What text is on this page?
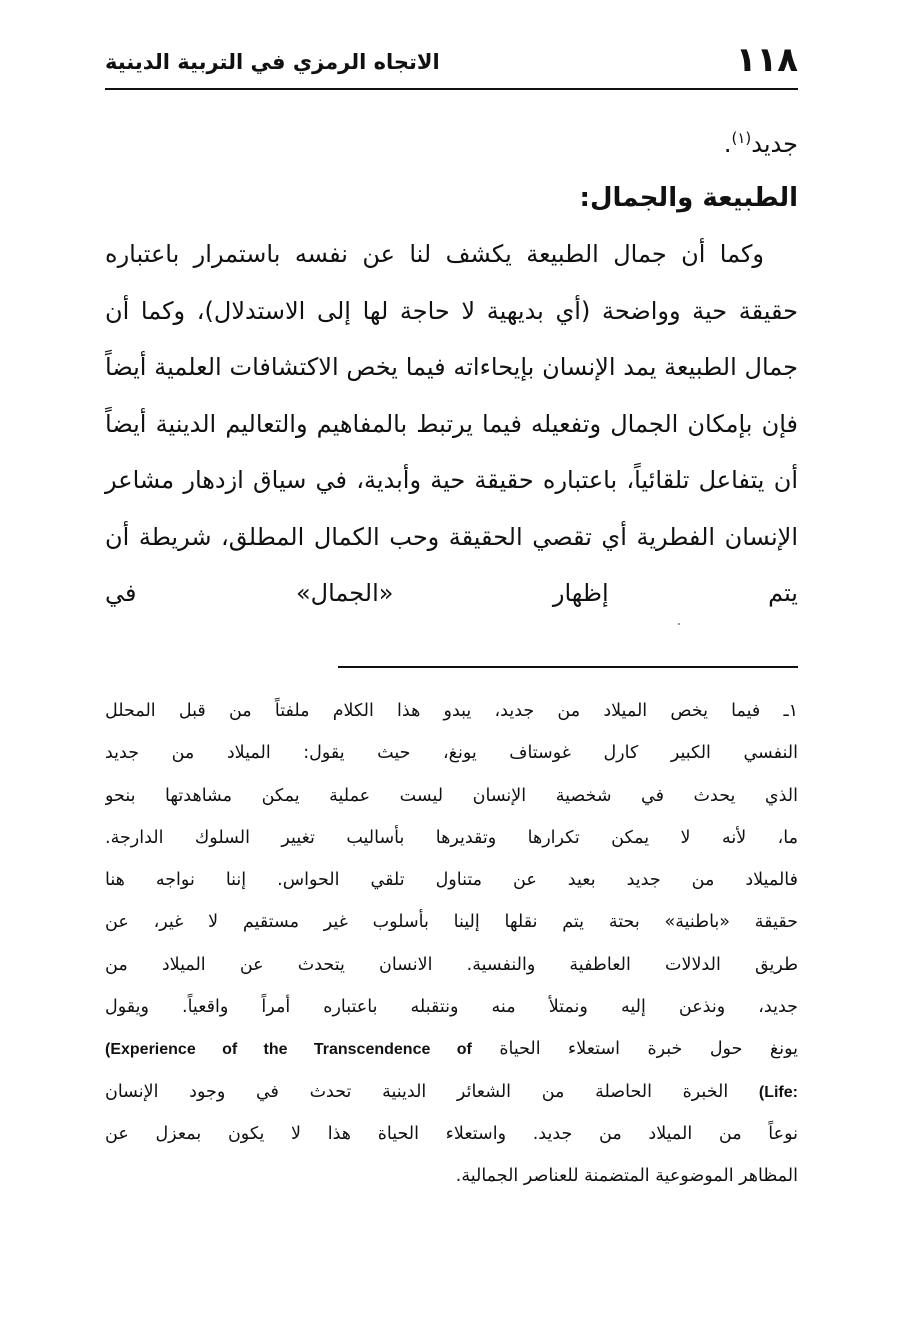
١١٨
الاتجاه الرمزي في التربية الدينية

جديد$^{(١)}$.

الطبيعة والجمال:

وكما أن جمال الطبيعة يكشف لنا عن نفسه باستمرار باعتباره حقيقة حية وواضحة (أي بديهية لا حاجة لها إلى الاستدلال)، وكما أن جمال الطبيعة يمد الإنسان بإيحاءاته فيما يخص الاكتشافات العلمية أيضاً فإن بإمكان الجمال وتفعيله فيما يرتبط بالمفاهيم والتعاليم الدينية أيضاً أن يتفاعل تلقائياً، باعتباره حقيقة حية وأبدية، في سياق ازدهار مشاعر الإنسان الفطرية أي تقصي الحقيقة وحب الكمال المطلق، شريطة أن يتم إظهار «الجمال» في

١ـ فيما يخص الميلاد من جديد، يبدو هذا الكلام ملفتاً من قبل المحلل
النفسي الكبير كارل غوستاف يونغ، حيث يقول: الميلاد من جديد
الذي يحدث في شخصية الإنسان ليست عملية يمكن مشاهدتها بنحو
ما، لأنه لا يمكن تكرارها وتقديرها بأساليب تغيير السلوك الدارجة.
فالميلاد من جديد بعيد عن متناول تلقي الحواس. إننا نواجه هنا
حقيقة «باطنية» بحتة يتم نقلها إلينا بأسلوب غير مستقيم لا غير، عن
طريق الدلالات العاطفية والنفسية. الانسان يتحدث عن الميلاد من
جديد، ونذعن إليه ونمتلأ منه ونتقبله باعتباره أمراً واقعياً. ويقول
يونغ حول خبرة استعلاء الحياة (Experience of the Transcendence of
(Life: الخبرة الحاصلة من الشعائر الدينية تحدث في وجود الإنسان
نوعاً من الميلاد من جديد. واستعلاء الحياة هذا لا يكون بمعزل عن
المظاهر الموضوعية المتضمنة للعناصر الجمالية.
